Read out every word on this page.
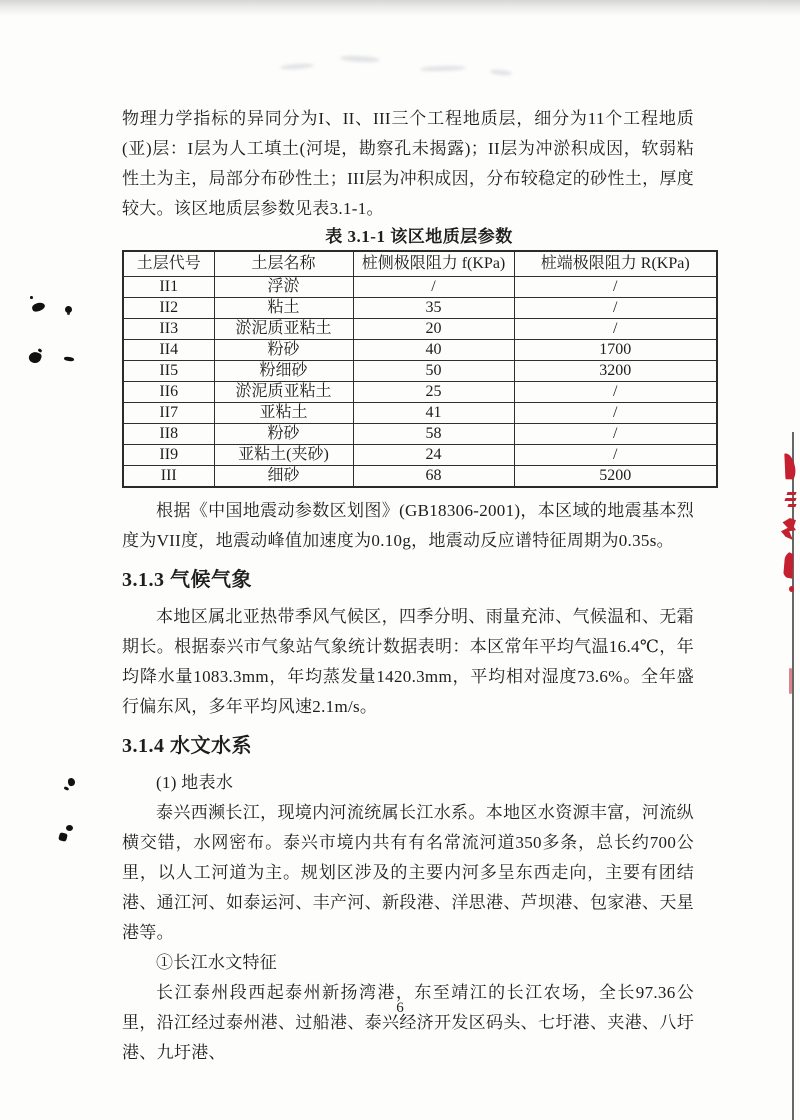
物理力学指标的异同分为I、II、III三个工程地质层，细分为11个工程地质(亚)层：I层为人工填土(河堤，勘察孔未揭露)；II层为冲淤积成因，软弱粘性土为主，局部分布砂性土；III层为冲积成因，分布较稳定的砂性土，厚度较大。该区地质层参数见表3.1-1。

表 3.1-1 该区地质层参数
土层代号	土层名称	桩侧极限阻力 f(KPa)	桩端极限阻力 R(KPa)
II1	浮淤	/	/
II2	粘土	35	/
II3	淤泥质亚粘土	20	/
II4	粉砂	40	1700
II5	粉细砂	50	3200
II6	淤泥质亚粘土	25	/
II7	亚粘土	41	/
II8	粉砂	58	/
II9	亚粘土(夹砂)	24	/
III	细砂	68	5200

根据《中国地震动参数区划图》(GB18306-2001)，本区域的地震基本烈度为VII度，地震动峰值加速度为0.10g，地震动反应谱特征周期为0.35s。

3.1.3 气候气象

本地区属北亚热带季风气候区，四季分明、雨量充沛、气候温和、无霜期长。根据泰兴市气象站气象统计数据表明：本区常年平均气温16.4℃，年均降水量1083.3mm，年均蒸发量1420.3mm，平均相对湿度73.6%。全年盛行偏东风，多年平均风速2.1m/s。

3.1.4 水文水系

(1) 地表水

泰兴西濒长江，现境内河流统属长江水系。本地区水资源丰富，河流纵横交错，水网密布。泰兴市境内共有有名常流河道350多条，总长约700公里，以人工河道为主。规划区涉及的主要内河多呈东西走向，主要有团结港、通江河、如泰运河、丰产河、新段港、洋思港、芦坝港、包家港、天星港等。

①长江水文特征

长江泰州段西起泰州新扬湾港，东至靖江的长江农场，全长97.36公里，沿江经过泰州港、过船港、泰兴经济开发区码头、七圩港、夹港、八圩港、九圩港、

6
